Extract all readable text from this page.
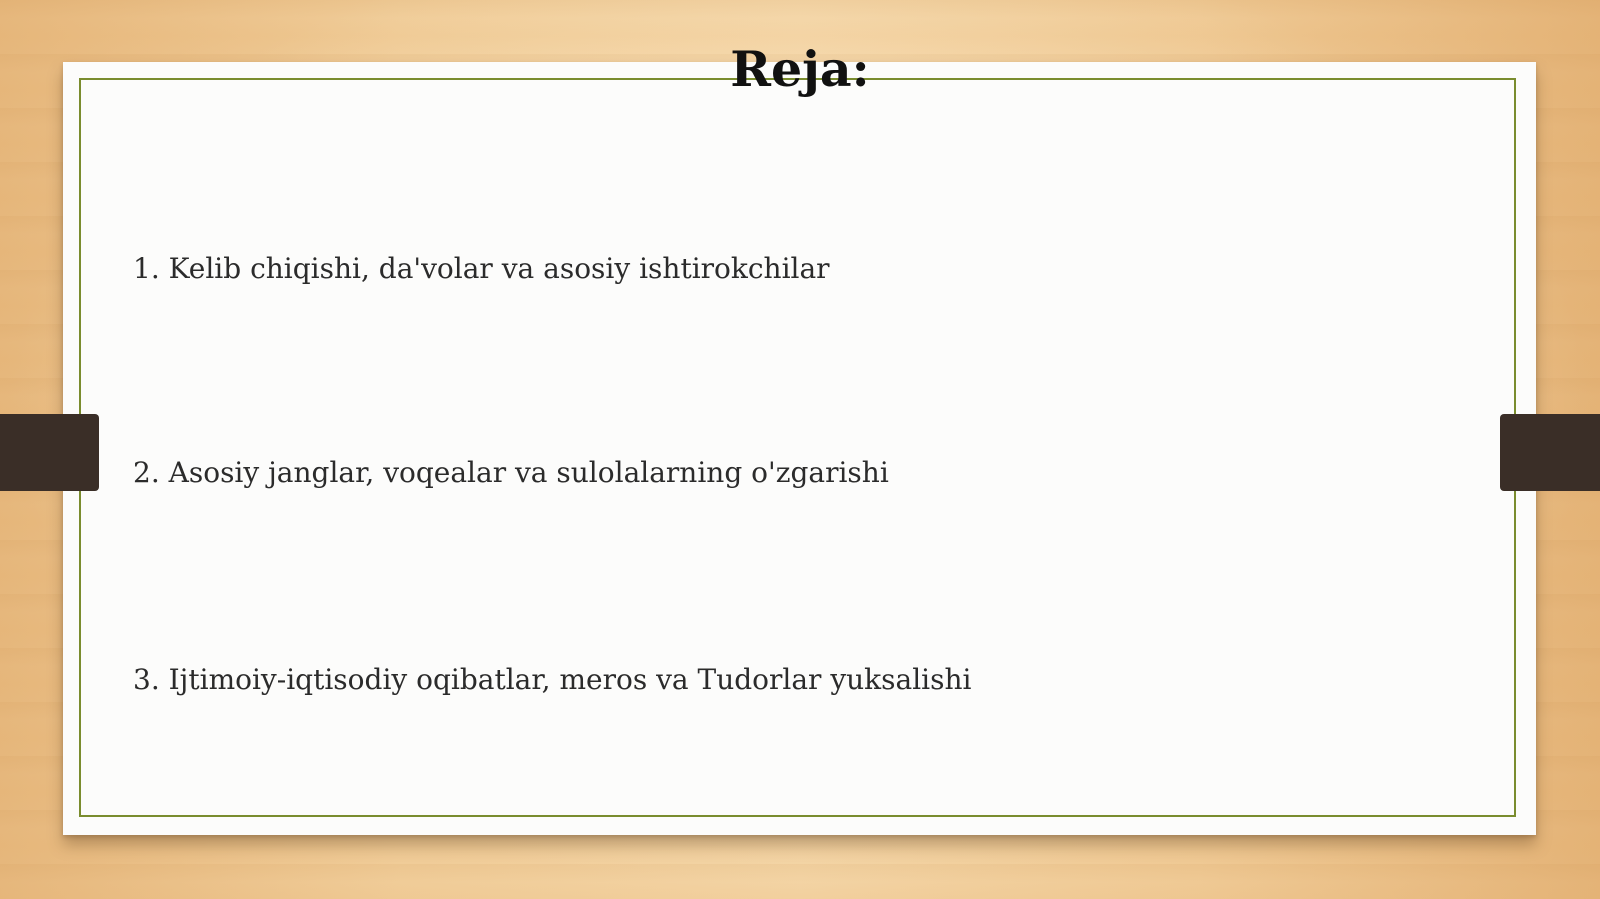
Reja:
1. Kelib chiqishi, da'volar va asosiy ishtirokchilar
2. Asosiy janglar, voqealar va sulolalarning o'zgarishi
3. Ijtimoiy-iqtisodiy oqibatlar, meros va Tudorlar yuksalishi
